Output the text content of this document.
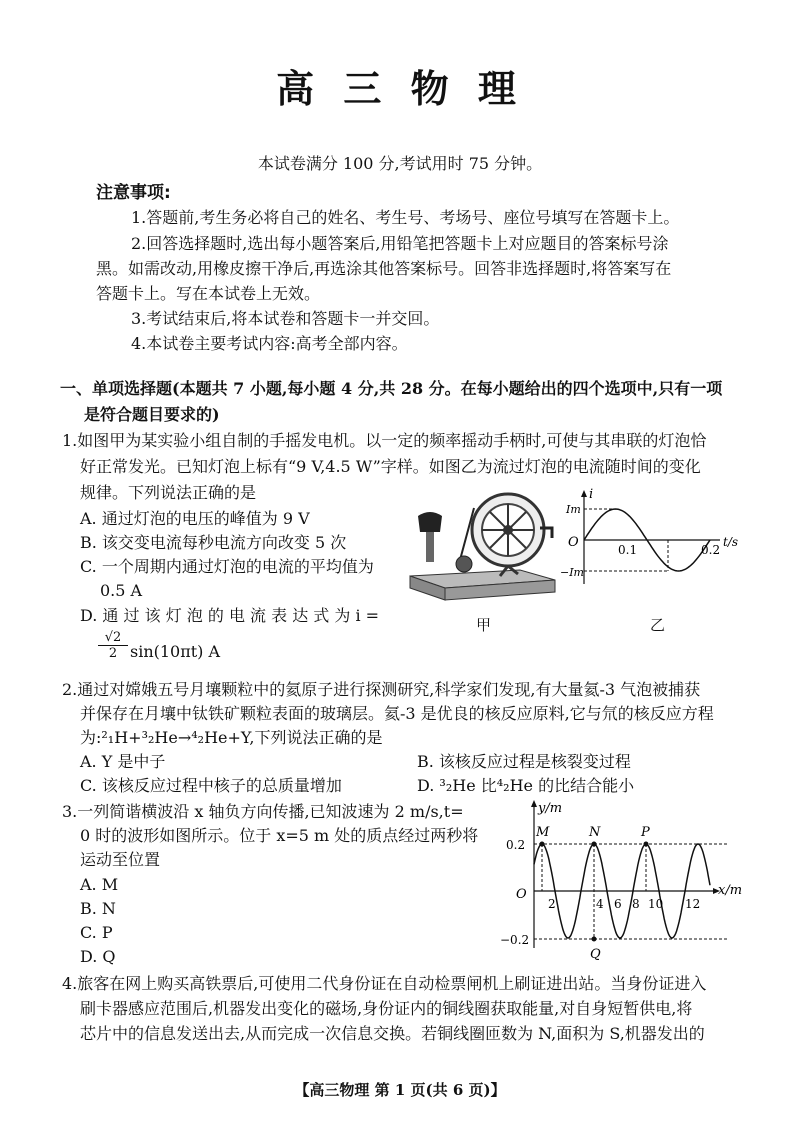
高 三 物 理
本试卷满分 100 分,考试用时 75 分钟。
注意事项:
1.答题前,考生务必将自己的姓名、考生号、考场号、座位号填写在答题卡上。
2.回答选择题时,选出每小题答案后,用铅笔把答题卡上对应题目的答案标号涂
黑。如需改动,用橡皮擦干净后,再选涂其他答案标号。回答非选择题时,将答案写在
答题卡上。写在本试卷上无效。
3.考试结束后,将本试卷和答题卡一并交回。
4.本试卷主要考试内容:高考全部内容。
一、单项选择题(本题共 7 小题,每小题 4 分,共 28 分。在每小题给出的四个选项中,只有一项
是符合题目要求的)
1.如图甲为某实验小组自制的手摇发电机。以一定的频率摇动手柄时,可使与其串联的灯泡恰
好正常发光。已知灯泡上标有“9 V,4.5 W”字样。如图乙为流过灯泡的电流随时间的变化
规律。下列说法正确的是
A. 通过灯泡的电压的峰值为 9 V
B. 该交变电流每秒电流方向改变 5 次
C. 一个周期内通过灯泡的电流的平均值为
0.5 A
D. 通 过 该 灯 泡 的 电 流 表 达 式 为 i =
$\frac{√2}{2} \sin(10\pi t)$ A
甲
i
Im
−Im
O	0.1	0.2
t/s
乙
2.通过对嫦娥五号月壤颗粒中的氦原子进行探测研究,科学家们发现,有大量氦-3 气泡被捕获
并保存在月壤中钛铁矿颗粒表面的玻璃层。氦-3 是优良的核反应原料,它与氘的核反应方程
为:²₁H+³₂He→⁴₂He+Y,下列说法正确的是
A. Y 是中子	B. 该核反应过程是核裂变过程
C. 该核反应过程中核子的总质量增加	D. ³₂He 比⁴₂He 的比结合能小
3.一列简谐横波沿 x 轴负方向传播,已知波速为 2 m/s,t=
0 时的波形如图所示。位于 x=5 m 处的质点经过两秒将
运动至位置
A. M
B. N
C. P
D. Q
y/m
x/m
O
0.2
−0.2
M	N	P
Q
2	4 6 8 10 12
4.旅客在网上购买高铁票后,可使用二代身份证在自动检票闸机上刷证进出站。当身份证进入
刷卡器感应范围后,机器发出变化的磁场,身份证内的铜线圈获取能量,对自身短暂供电,将
芯片中的信息发送出去,从而完成一次信息交换。若铜线圈匝数为 N,面积为 S,机器发出的
【高三物理 第 1 页(共 6 页)】
